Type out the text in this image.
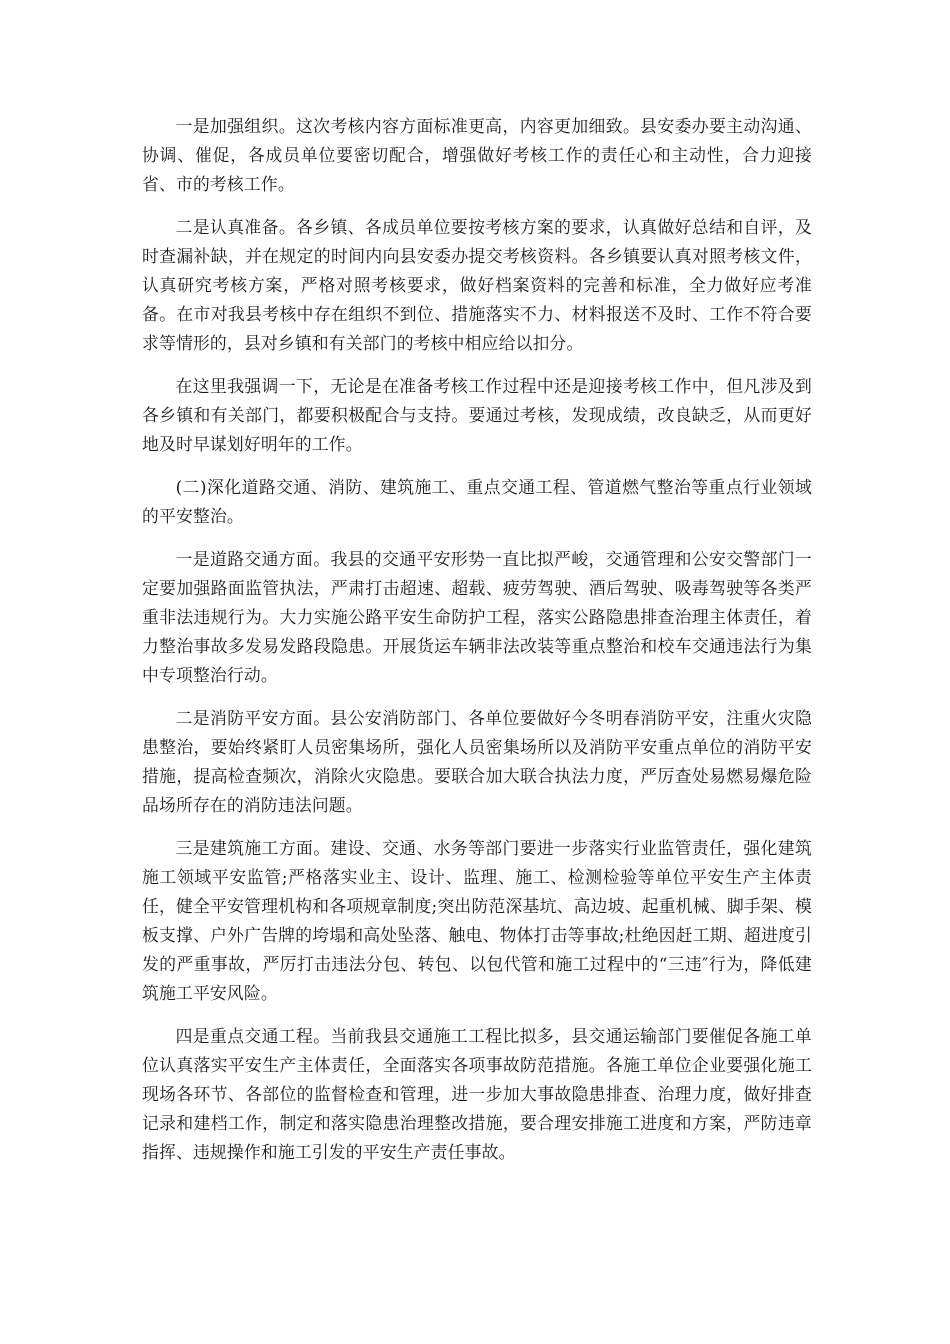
一是加强组织。这次考核内容方面标准更高，内容更加细致。县安委办要主动沟通、协调、催促，各成员单位要密切配合，增强做好考核工作的责任心和主动性，合力迎接省、市的考核工作。

二是认真准备。各乡镇、各成员单位要按考核方案的要求，认真做好总结和自评，及时查漏补缺，并在规定的时间内向县安委办提交考核资料。各乡镇要认真对照考核文件，认真研究考核方案，严格对照考核要求，做好档案资料的完善和标准，全力做好应考准备。在市对我县考核中存在组织不到位、措施落实不力、材料报送不及时、工作不符合要求等情形的，县对乡镇和有关部门的考核中相应给以扣分。

在这里我强调一下，无论是在准备考核工作过程中还是迎接考核工作中，但凡涉及到各乡镇和有关部门，都要积极配合与支持。要通过考核，发现成绩，改良缺乏，从而更好地及时早谋划好明年的工作。

(二)深化道路交通、消防、建筑施工、重点交通工程、管道燃气整治等重点行业领域的平安整治。

一是道路交通方面。我县的交通平安形势一直比拟严峻，交通管理和公安交警部门一定要加强路面监管执法，严肃打击超速、超载、疲劳驾驶、酒后驾驶、吸毒驾驶等各类严重非法违规行为。大力实施公路平安生命防护工程，落实公路隐患排查治理主体责任，着力整治事故多发易发路段隐患。开展货运车辆非法改装等重点整治和校车交通违法行为集中专项整治行动。

二是消防平安方面。县公安消防部门、各单位要做好今冬明春消防平安，注重火灾隐患整治，要始终紧盯人员密集场所，强化人员密集场所以及消防平安重点单位的消防平安措施，提高检查频次，消除火灾隐患。要联合加大联合执法力度，严厉查处易燃易爆危险品场所存在的消防违法问题。

三是建筑施工方面。建设、交通、水务等部门要进一步落实行业监管责任，强化建筑施工领域平安监管;严格落实业主、设计、监理、施工、检测检验等单位平安生产主体责任，健全平安管理机构和各项规章制度;突出防范深基坑、高边坡、起重机械、脚手架、模板支撑、户外广告牌的垮塌和高处坠落、触电、物体打击等事故;杜绝因赶工期、超进度引发的严重事故，严厉打击违法分包、转包、以包代管和施工过程中的“三违″行为，降低建筑施工平安风险。

四是重点交通工程。当前我县交通施工工程比拟多，县交通运输部门要催促各施工单位认真落实平安生产主体责任，全面落实各项事故防范措施。各施工单位企业要强化施工现场各环节、各部位的监督检查和管理，进一步加大事故隐患排查、治理力度，做好排查记录和建档工作，制定和落实隐患治理整改措施，要合理安排施工进度和方案，严防违章指挥、违规操作和施工引发的平安生产责任事故。
